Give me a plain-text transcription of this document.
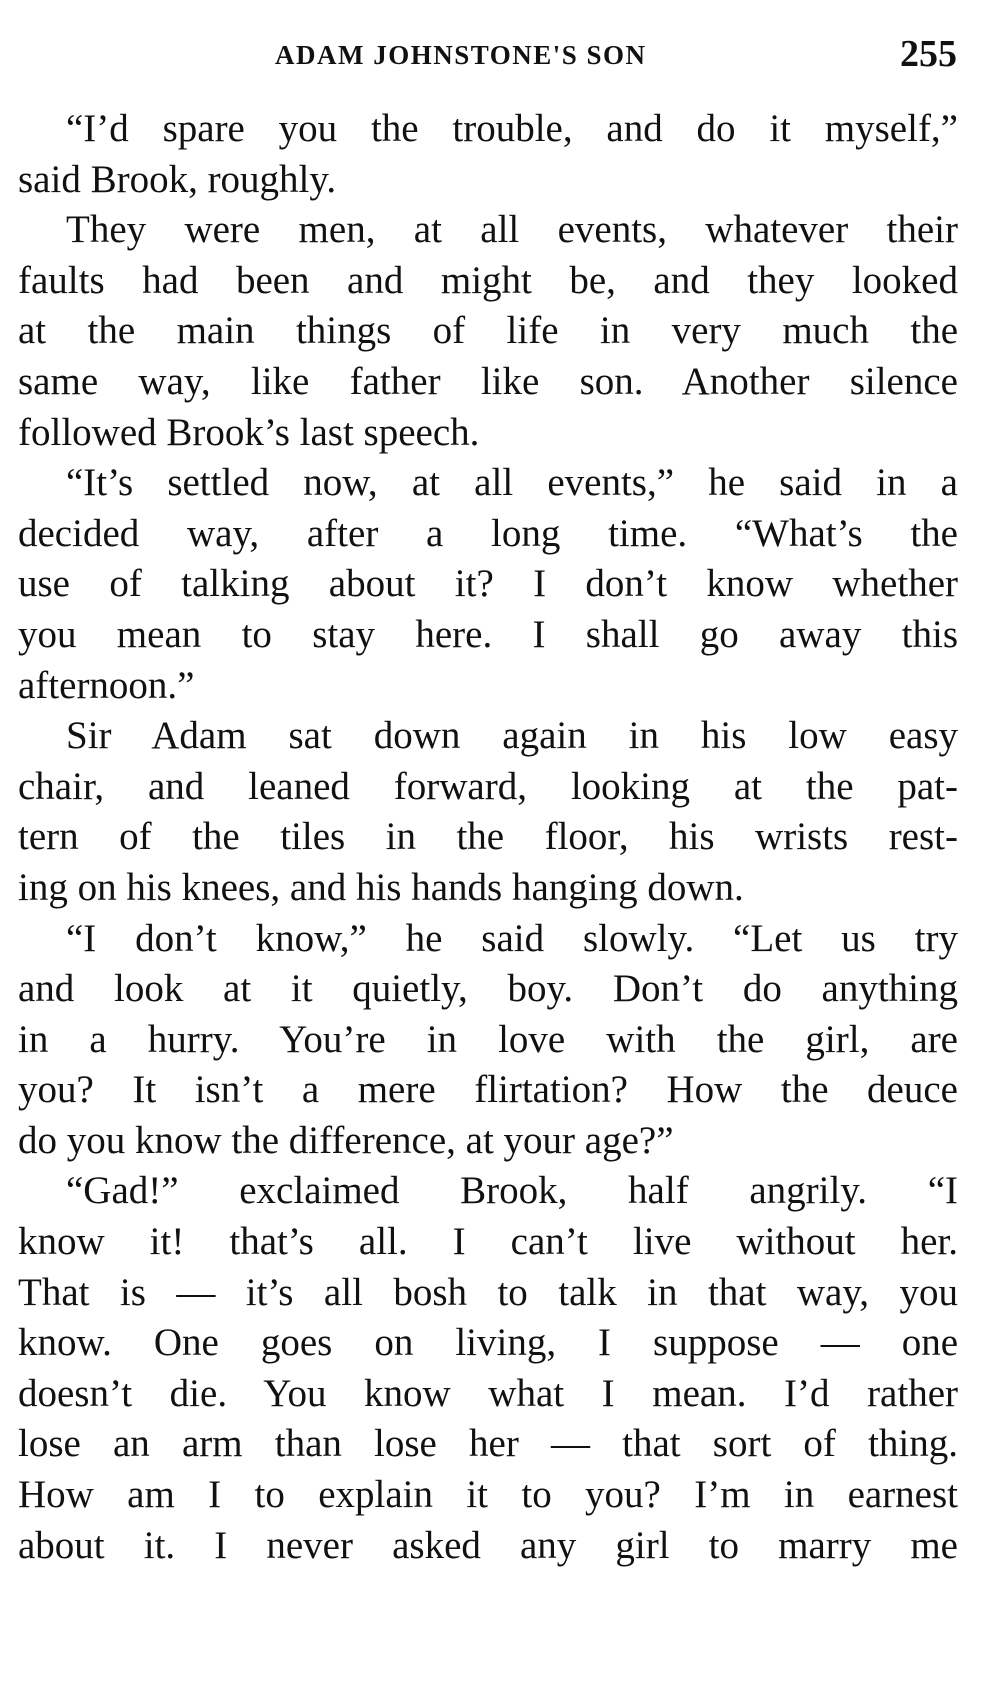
ADAM JOHNSTONE'S SON	255
“I’d spare you the trouble, and do it myself,”
said Brook, roughly.
They were men, at all events, whatever their
faults had been and might be, and they looked
at the main things of life in very much the
same way, like father like son. Another silence
followed Brook’s last speech.
“It’s settled now, at all events,” he said in a
decided way, after a long time. “What’s the
use of talking about it? I don’t know whether
you mean to stay here. I shall go away this
afternoon.”
Sir Adam sat down again in his low easy
chair, and leaned forward, looking at the pat-
tern of the tiles in the floor, his wrists rest-
ing on his knees, and his hands hanging down.
“I don’t know,” he said slowly. “Let us try
and look at it quietly, boy. Don’t do anything
in a hurry. You’re in love with the girl, are
you? It isn’t a mere flirtation? How the deuce
do you know the difference, at your age?”
“Gad!” exclaimed Brook, half angrily. “I
know it! that’s all. I can’t live without her.
That is — it’s all bosh to talk in that way, you
know. One goes on living, I suppose — one
doesn’t die. You know what I mean. I’d rather
lose an arm than lose her — that sort of thing.
How am I to explain it to you? I’m in earnest
about it. I never asked any girl to marry me
